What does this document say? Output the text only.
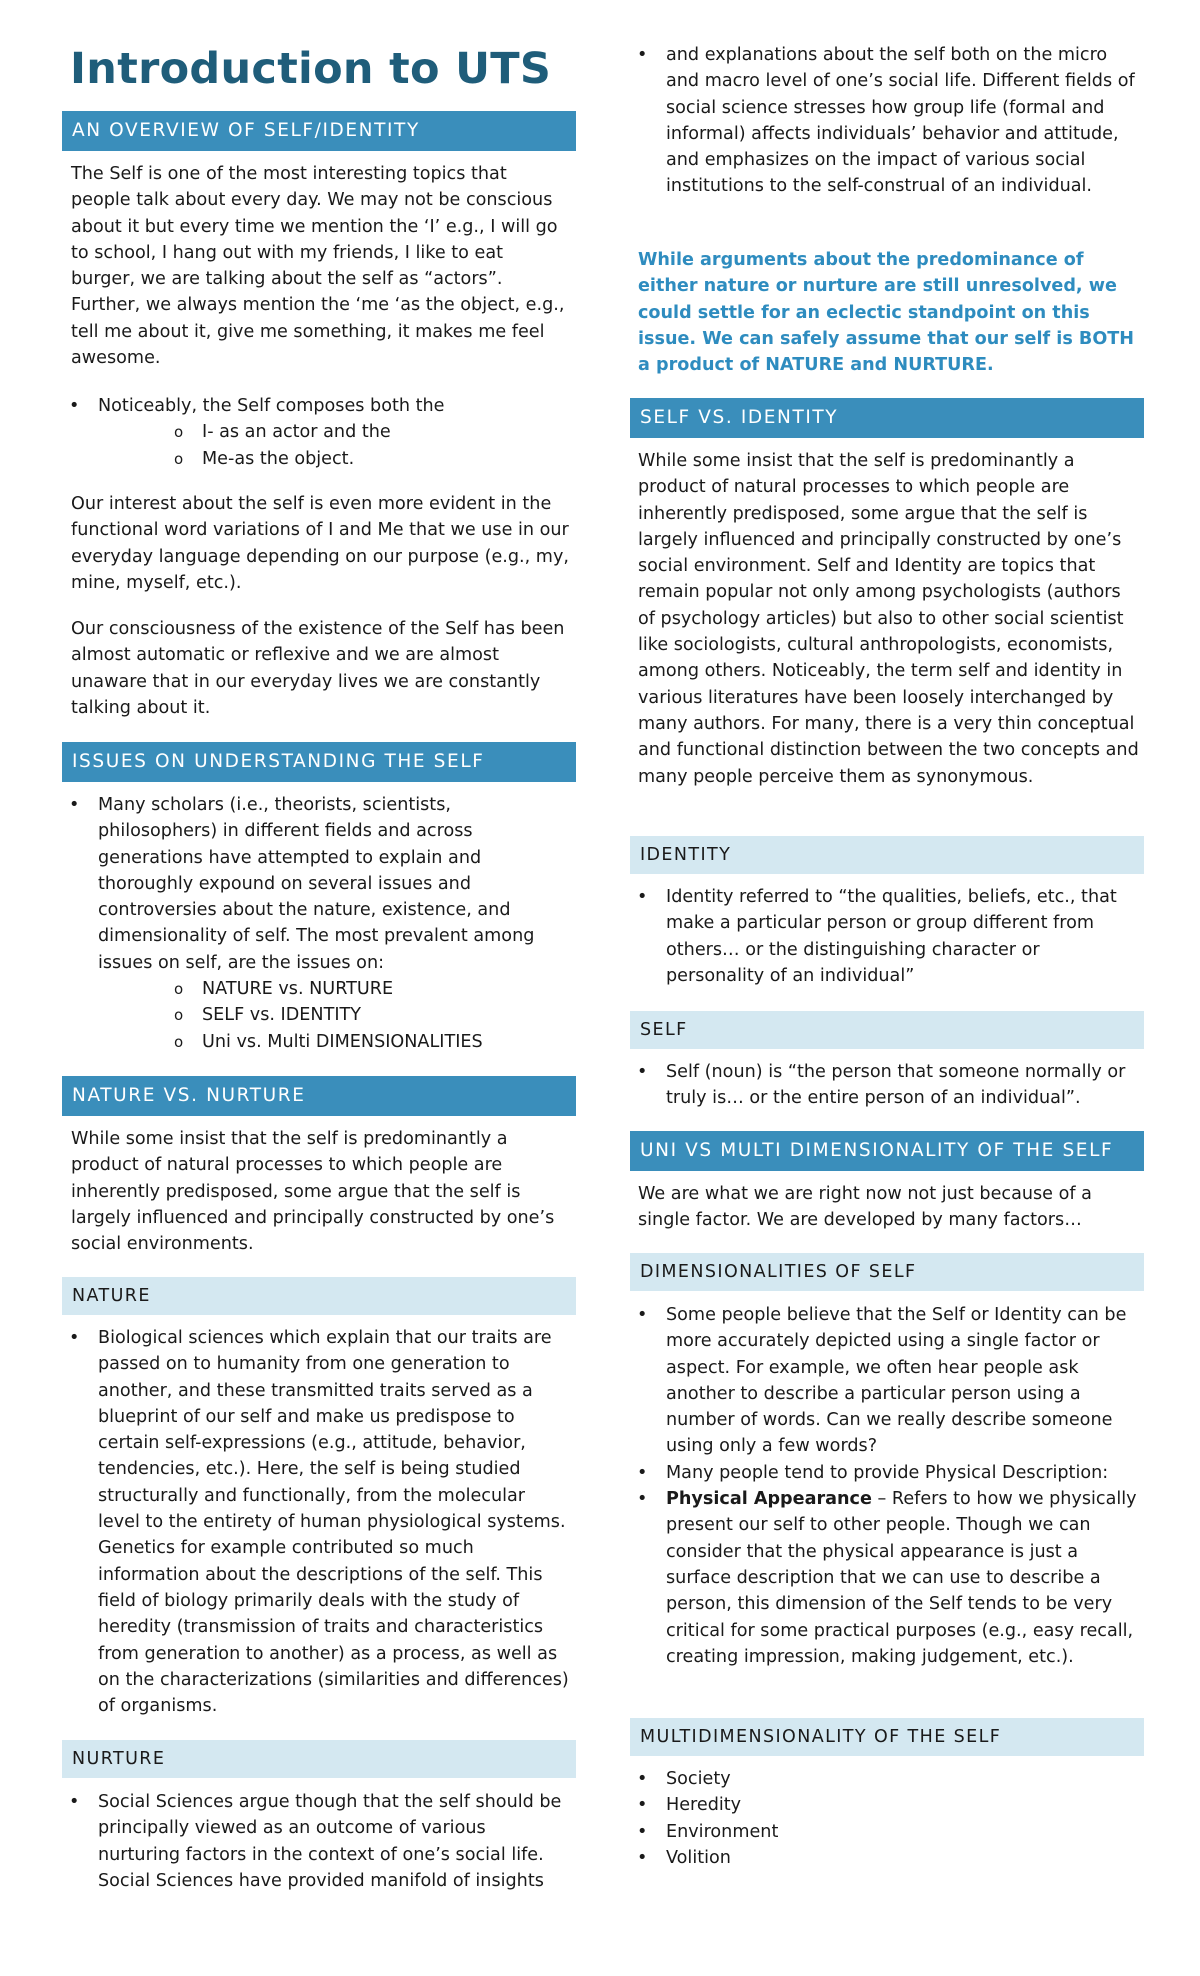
Introduction to UTS
AN OVERVIEW OF SELF/IDENTITY

The Self is one of the most interesting topics that people talk about every day. We may not be conscious about it but every time we mention the ‘I’ e.g., I will go to school, I hang out with my friends, I like to eat burger, we are talking about the self as “actors”. Further, we always mention the ‘me ‘as the object, e.g., tell me about it, give me something, it makes me feel awesome.

• Noticeably, the Self composes both the
o I- as an actor and the
o Me-as the object.

Our interest about the self is even more evident in the functional word variations of I and Me that we use in our everyday language depending on our purpose (e.g., my, mine, myself, etc.).

Our consciousness of the existence of the Self has been almost automatic or reflexive and we are almost unaware that in our everyday lives we are constantly talking about it.

ISSUES ON UNDERSTANDING THE SELF
• Many scholars (i.e., theorists, scientists, philosophers) in different fields and across generations have attempted to explain and thoroughly expound on several issues and controversies about the nature, existence, and dimensionality of self. The most prevalent among issues on self, are the issues on:
o NATURE vs. NURTURE
o SELF vs. IDENTITY
o Uni vs. Multi DIMENSIONALITIES
NATURE VS. NURTURE

While some insist that the self is predominantly a product of natural processes to which people are inherently predisposed, some argue that the self is largely influenced and principally constructed by one’s social environments.

NATURE
• Biological sciences which explain that our traits are passed on to humanity from one generation to another, and these transmitted traits served as a blueprint of our self and make us predispose to certain self-expressions (e.g., attitude, behavior, tendencies, etc.). Here, the self is being studied structurally and functionally, from the molecular level to the entirety of human physiological systems. Genetics for example contributed so much information about the descriptions of the self. This field of biology primarily deals with the study of heredity (transmission of traits and characteristics from generation to another) as a process, as well as on the characterizations (similarities and differences) of organisms.
NURTURE
• Social Sciences argue though that the self should be principally viewed as an outcome of various nurturing factors in the context of one’s social life. Social Sciences have provided manifold of insights
• and explanations about the self both on the micro and macro level of one’s social life. Different fields of social science stresses how group life (formal and informal) affects individuals’ behavior and attitude, and emphasizes on the impact of various social institutions to the self-construal of an individual.

While arguments about the predominance of either nature or nurture are still unresolved, we could settle for an eclectic standpoint on this issue. We can safely assume that our self is BOTH a product of NATURE and NURTURE.

SELF VS. IDENTITY

While some insist that the self is predominantly a product of natural processes to which people are inherently predisposed, some argue that the self is largely influenced and principally constructed by one’s social environment. Self and Identity are topics that remain popular not only among psychologists (authors of psychology articles) but also to other social scientist like sociologists, cultural anthropologists, economists, among others. Noticeably, the term self and identity in various literatures have been loosely interchanged by many authors. For many, there is a very thin conceptual and functional distinction between the two concepts and many people perceive them as synonymous.

IDENTITY
• Identity referred to “the qualities, beliefs, etc., that make a particular person or group different from others… or the distinguishing character or personality of an individual”
SELF
• Self (noun) is “the person that someone normally or truly is… or the entire person of an individual”.
UNI VS MULTI DIMENSIONALITY OF THE SELF

We are what we are right now not just because of a single factor. We are developed by many factors…

DIMENSIONALITIES OF SELF
• Some people believe that the Self or Identity can be more accurately depicted using a single factor or aspect. For example, we often hear people ask another to describe a particular person using a number of words. Can we really describe someone using only a few words?
• Many people tend to provide Physical Description:
• Physical Appearance – Refers to how we physically present our self to other people. Though we can consider that the physical appearance is just a surface description that we can use to describe a person, this dimension of the Self tends to be very critical for some practical purposes (e.g., easy recall, creating impression, making judgement, etc.).
MULTIDIMENSIONALITY OF THE SELF
• Society
• Heredity
• Environment
• Volition
